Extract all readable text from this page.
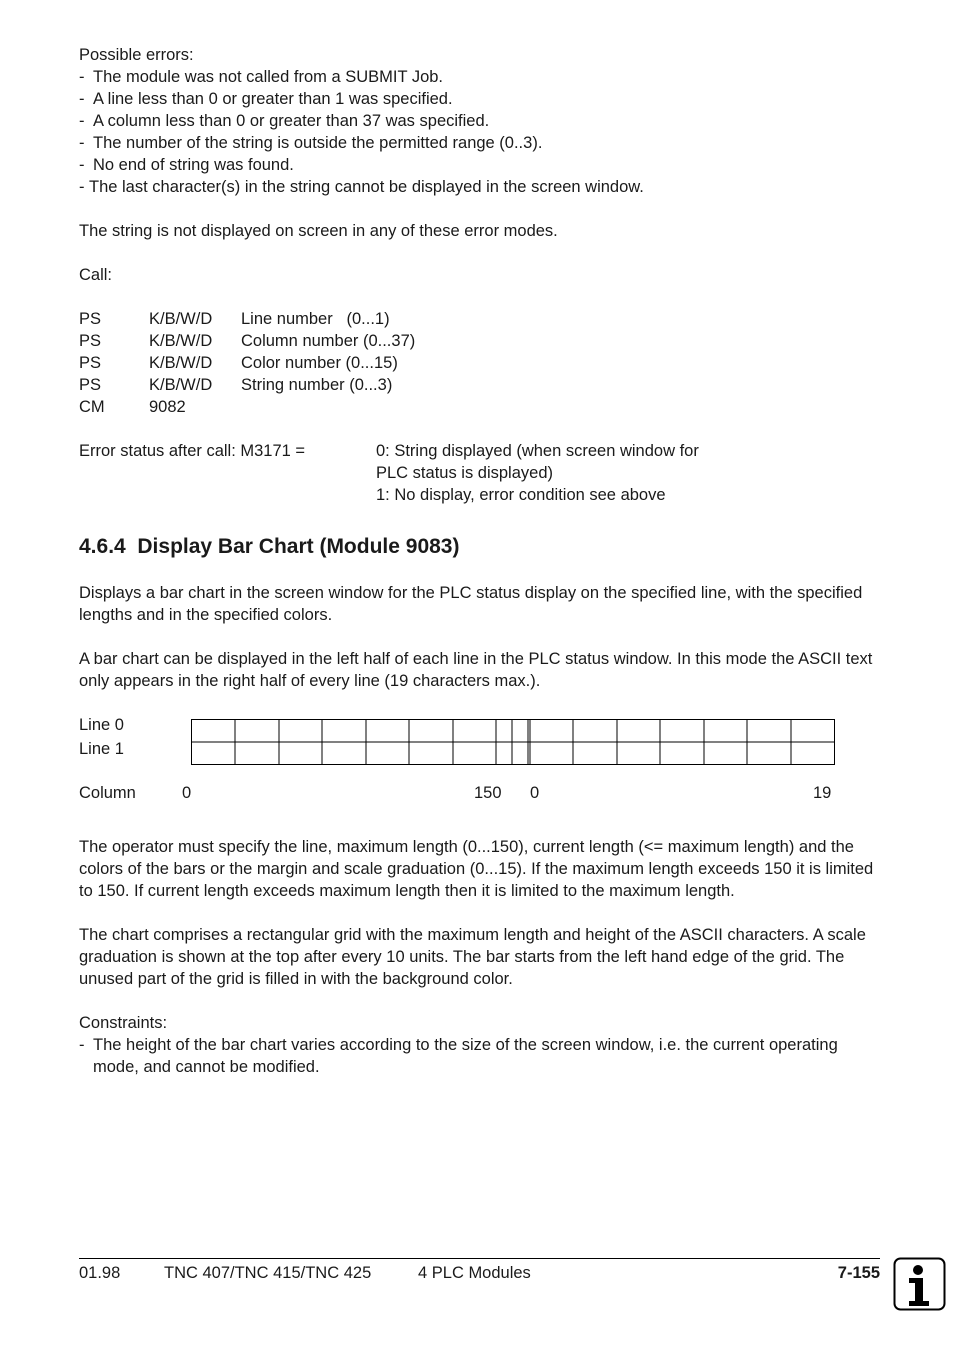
Possible errors:

- The module was not called from a SUBMIT Job.
- A line less than 0 or greater than 1 was specified.
- A column less than 0 or greater than 37 was specified.
- The number of the string is outside the permitted range (0..3).
- No end of string was found.
- The last character(s) in the string cannot be displayed in the screen window.

The string is not displayed on screen in any of these error modes.

Call:

PS	K/B/W/D	Line number   (0...1)
PS	K/B/W/D	Column number (0...37)
PS	K/B/W/D	Color number (0...15)
PS	K/B/W/D	String number (0...3)
CM	9082
Error status after call: M3171 =	0: String displayed (when screen window for
PLC status is displayed)
1: No display, error condition see above
4.6.4 Display Bar Chart (Module 9083)

Displays a bar chart in the screen window for the PLC status display on the specified line, with the specified lengths and in the specified colors.

A bar chart can be displayed in the left half of each line in the PLC status window. In this mode the ASCII text only appears in the right half of every line (19 characters max.).

Line 0
Line 1
Column	0	150 0	19

The operator must specify the line, maximum length (0...150), current length (<= maximum length) and the colors of the bars or the margin and scale graduation (0...15). If the maximum length exceeds 150 it is limited to 150. If current length exceeds maximum length then it is limited to the maximum length.

The chart comprises a rectangular grid with the maximum length and height of the ASCII characters. A scale graduation is shown at the top after every 10 units. The bar starts from the left hand edge of the grid. The unused part of the grid is filled in with the background color.

Constraints:

- The height of the bar chart varies according to the size of the screen window, i.e. the current operating mode, and cannot be modified.
01.98	TNC 407/TNC 415/TNC 425	4 PLC Modules	7-155
